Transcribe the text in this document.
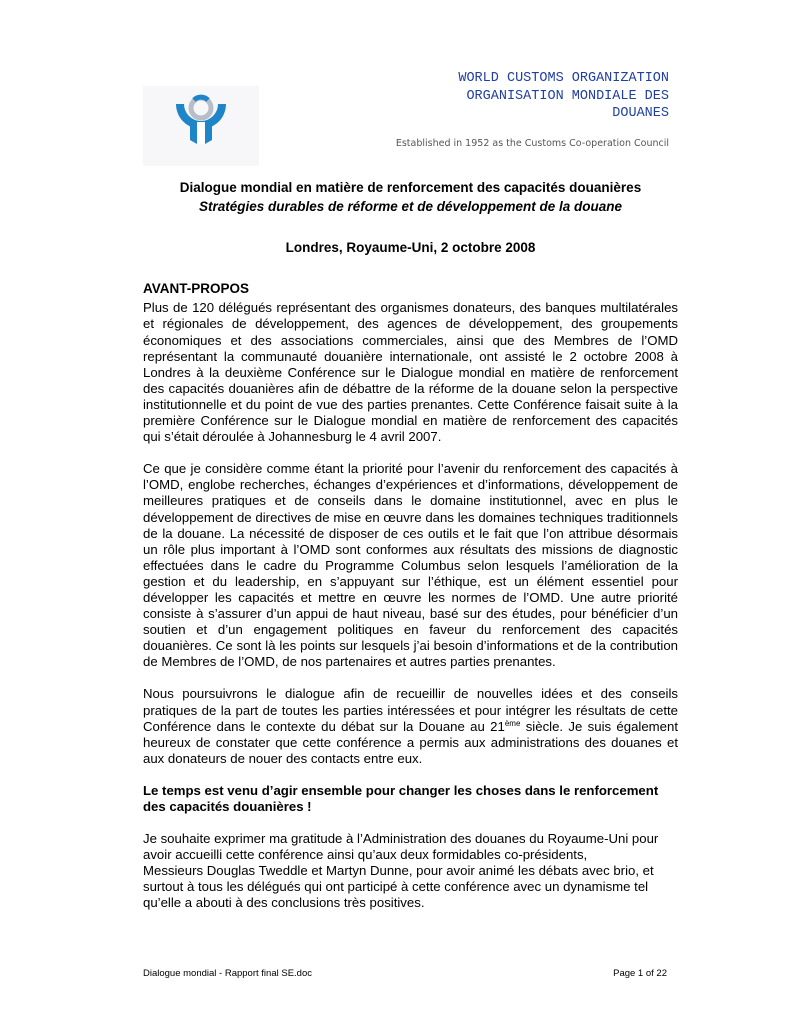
WORLD CUSTOMS ORGANIZATION
ORGANISATION MONDIALE DES
DOUANES
Established in 1952 as the Customs Co-operation Council
Dialogue mondial en matière de renforcement des capacités douanières
Stratégies durables de réforme et de développement de la douane
Londres, Royaume-Uni, 2 octobre 2008
AVANT-PROPOS

Plus de 120 délégués représentant des organismes donateurs, des banques multilatérales et régionales de développement, des agences de développement, des groupements économiques et des associations commerciales, ainsi que des Membres de l’OMD représentant la communauté douanière internationale, ont assisté le 2 octobre 2008 à Londres à la deuxième Conférence sur le Dialogue mondial en matière de renforcement des capacités douanières afin de débattre de la réforme de la douane selon la perspective institutionnelle et du point de vue des parties prenantes. Cette Conférence faisait suite à la première Conférence sur le Dialogue mondial en matière de renforcement des capacités qui s’était déroulée à Johannesburg le 4 avril 2007.

Ce que je considère comme étant la priorité pour l’avenir du renforcement des capacités à l’OMD, englobe recherches, échanges d’expériences et d’informations, développement de meilleures pratiques et de conseils dans le domaine institutionnel, avec en plus le développement de directives de mise en œuvre dans les domaines techniques traditionnels de la douane. La nécessité de disposer de ces outils et le fait que l’on attribue désormais un rôle plus important à l’OMD sont conformes aux résultats des missions de diagnostic effectuées dans le cadre du Programme Columbus selon lesquels l’amélioration de la gestion et du leadership, en s’appuyant sur l’éthique, est un élément essentiel pour développer les capacités et mettre en œuvre les normes de l’OMD. Une autre priorité consiste à s’assurer d’un appui de haut niveau, basé sur des études, pour bénéficier d’un soutien et d’un engagement politiques en faveur du renforcement des capacités douanières. Ce sont là les points sur lesquels j’ai besoin d’informations et de la contribution de Membres de l’OMD, de nos partenaires et autres parties prenantes.

Nous poursuivrons le dialogue afin de recueillir de nouvelles idées et des conseils pratiques de la part de toutes les parties intéressées et pour intégrer les résultats de cette Conférence dans le contexte du débat sur la Douane au 21ème siècle. Je suis également heureux de constater que cette conférence a permis aux administrations des douanes et aux donateurs de nouer des contacts entre eux.

Le temps est venu d’agir ensemble pour changer les choses dans le renforcement des capacités douanières !

Je souhaite exprimer ma gratitude à l’Administration des douanes du Royaume-Uni pour avoir accueilli cette conférence ainsi qu’aux deux formidables co-présidents,
Messieurs Douglas Tweddle et Martyn Dunne, pour avoir animé les débats avec brio, et surtout à tous les délégués qui ont participé à cette conférence avec un dynamisme tel qu’elle a abouti à des conclusions très positives.

Dialogue mondial - Rapport final SE.doc	Page 1 of 22
